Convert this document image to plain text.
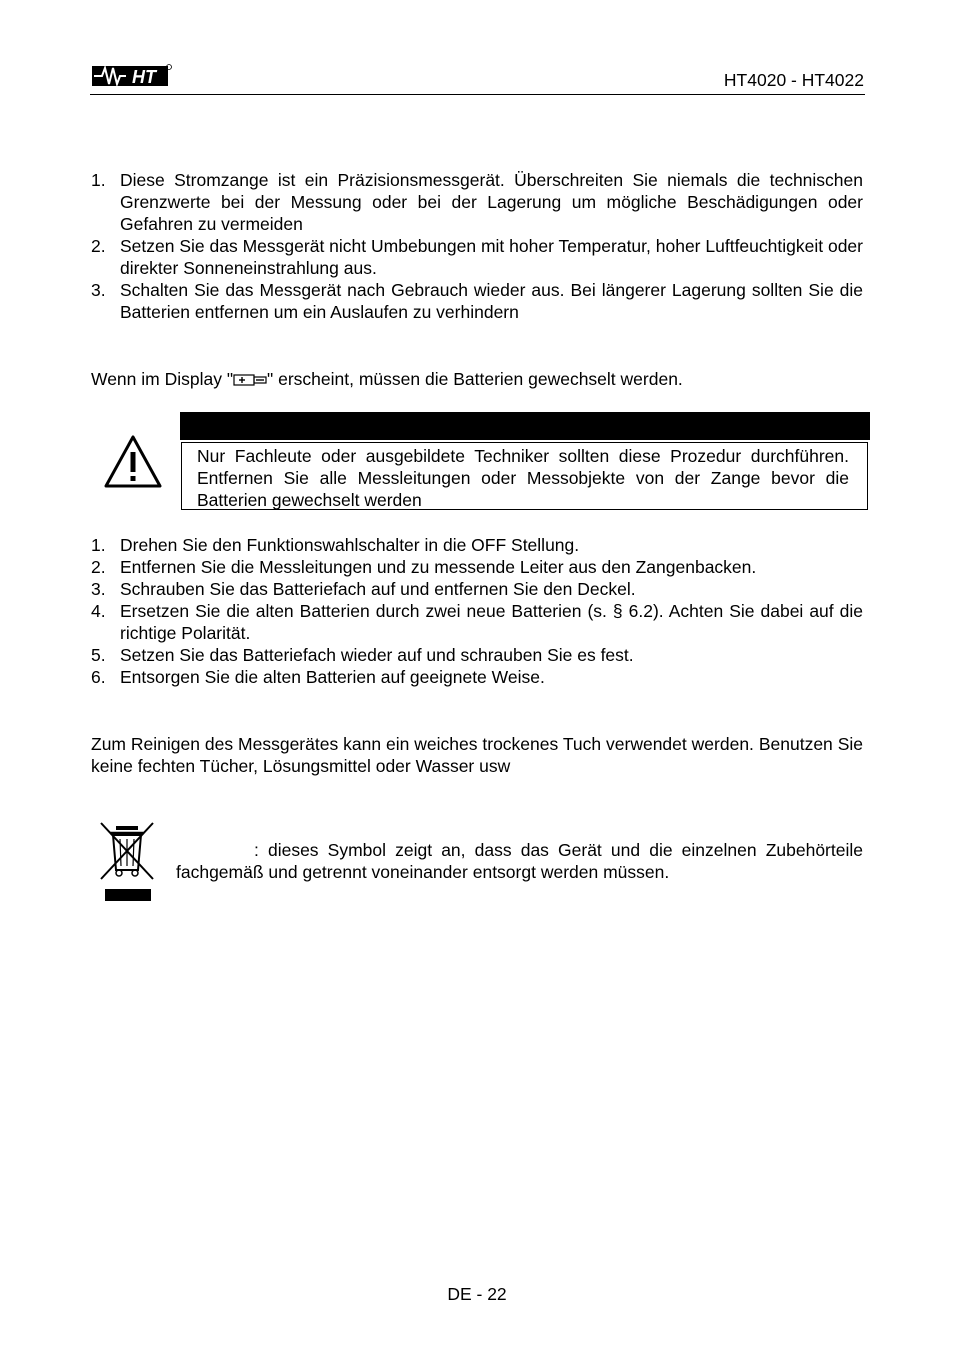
HT	HT4020 - HT4022
1. Diese Stromzange ist ein Präzisionsmessgerät. Überschreiten Sie niemals die technischen Grenzwerte bei der Messung oder bei der Lagerung um mögliche Beschädigungen oder Gefahren zu vermeiden
2. Setzen Sie das Messgerät nicht Umbebungen mit hoher Temperatur, hoher Luftfeuchtigkeit oder direkter Sonneneinstrahlung aus.
3. Schalten Sie das Messgerät nach Gebrauch wieder aus. Bei längerer Lagerung sollten Sie die Batterien entfernen um ein Auslaufen zu verhindern
Wenn im Display " " erscheint, müssen die Batterien gewechselt werden.

Nur Fachleute oder ausgebildete Techniker sollten diese Prozedur durchführen. Entfernen Sie alle Messleitungen oder Messobjekte von der Zange bevor die Batterien gewechselt werden

1. Drehen Sie den Funktionswahlschalter in die OFF Stellung.
2. Entfernen Sie die Messleitungen und zu messende Leiter aus den Zangenbacken.
3. Schrauben Sie das Batteriefach auf und entfernen Sie den Deckel.
4. Ersetzen Sie die alten Batterien durch zwei neue Batterien (s. § 6.2). Achten Sie dabei auf die richtige Polarität.
5. Setzen Sie das Batteriefach wieder auf und schrauben Sie es fest.
6. Entsorgen Sie die alten Batterien auf geeignete Weise.

Zum Reinigen des Messgerätes kann ein weiches trockenes Tuch verwendet werden. Benutzen Sie keine fechten Tücher, Lösungsmittel oder Wasser usw

: dieses Symbol zeigt an, dass das Gerät und die einzelnen Zubehörteile fachgemäß und getrennt voneinander entsorgt werden müssen.

DE - 22
